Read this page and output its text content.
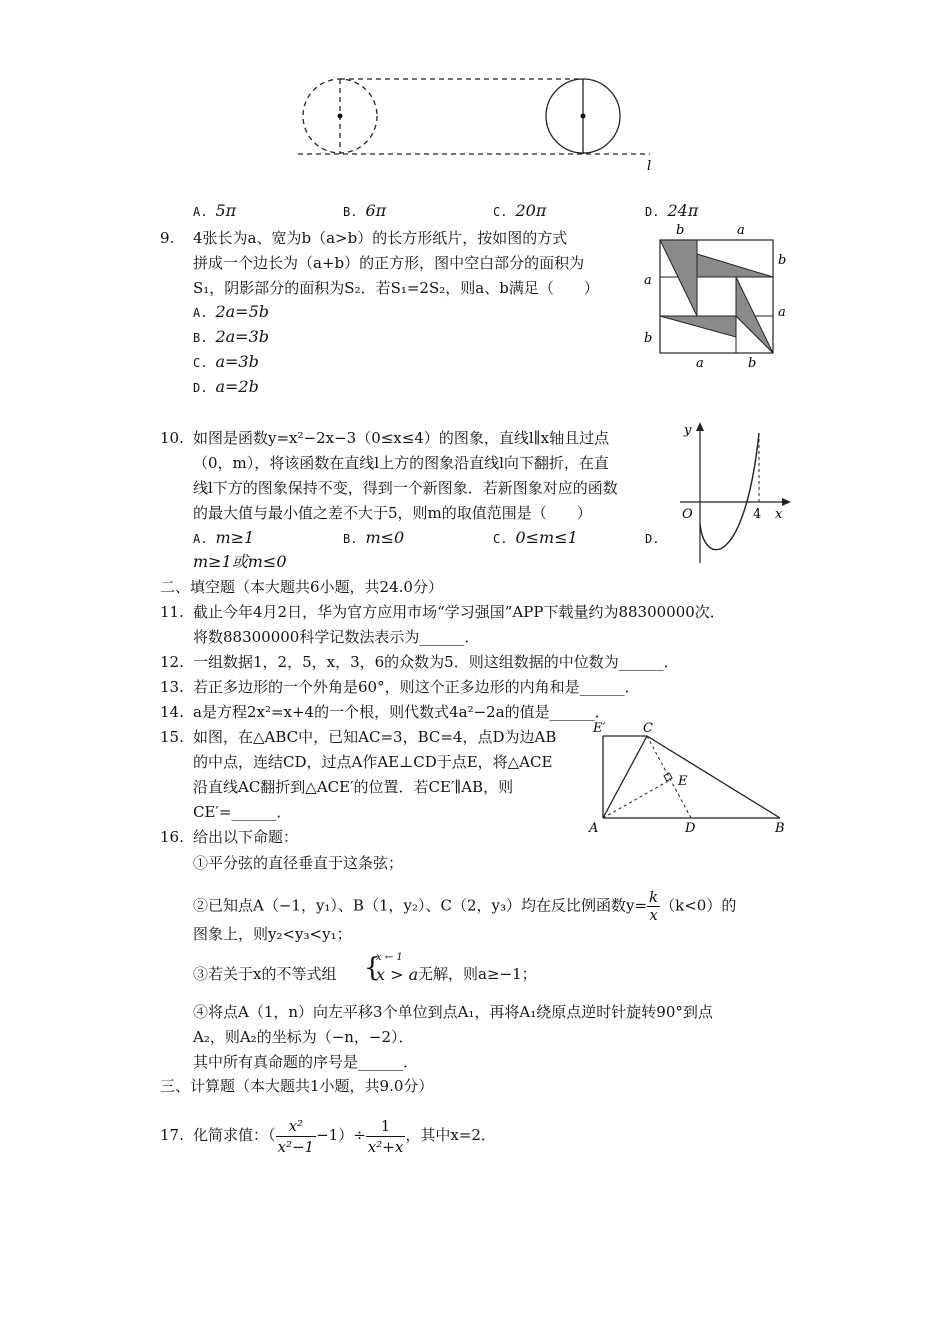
l
A. 5π	B. 6π	C. 20π	D. 24π
9. 4张长为a、宽为b（a>b）的长方形纸片，按如图的方式
拼成一个边长为（a+b）的正方形，图中空白部分的面积为
S₁，阴影部分的面积为S₂．若S₁=2S₂，则a、b满足（　　）
A. 2a=5b
B. 2a=3b
C. a=3b
D. a=2b
b	a
b
a
a
b
a	b
10. 如图是函数y=x²−2x−3（0≤x≤4）的图象，直线l∥x轴且过点
（0，m），将该函数在直线l上方的图象沿直线l向下翻折，在直
线l下方的图象保持不变，得到一个新图象．若新图象对应的函数
的最大值与最小值之差不大于5，则m的取值范围是（　　）
A. m≥1	B. m≤0	C. 0≤m≤1	D.
m≥1或m≤0
y
x
O	4
二、填空题（本大题共6小题，共24.0分）
11. 截止今年4月2日，华为官方应用市场“学习强国”APP下载量约为88300000次．
将数88300000科学记数法表示为______．
12. 一组数据1，2，5，x，3，6的众数为5．则这组数据的中位数为______．
13. 若正多边形的一个外角是60°，则这个正多边形的内角和是______．
14. a是方程2x²=x+4的一个根，则代数式4a²−2a的值是______．
15. 如图，在△ABC中，已知AC=3，BC=4，点D为边AB
的中点，连结CD，过点A作AE⊥CD于点E，将△ACE
沿直线AC翻折到△ACE′的位置．若CE′∥AB，则
CE′=______．
E′	C
E
A	D	B
16. 给出以下命题：
①平分弦的直径垂直于这条弦；
②已知点A（−1，y₁）、B（1，y₂）、C（2，y₃）均在反比例函数$y= \frac{k}{x} (k<0)$的
图象上，则y₂<y₃<y₁；
③若关于x的不等式组 {
x ← 1
x > a 无解，则a≥−1；
④将点A（1，n）向左平移3个单位到点A₁，再将A₁绕原点逆时针旋转90°到点
A₂，则A₂的坐标为（−n，−2）．
其中所有真命题的序号是______．
三、计算题（本大题共1小题，共9.0分）
17. 化简求值：（ $\frac{\text{x²}}{\text{x²−1}} -1)\div \frac{1}{\text{x²+x}}$ ，其中x=2．
